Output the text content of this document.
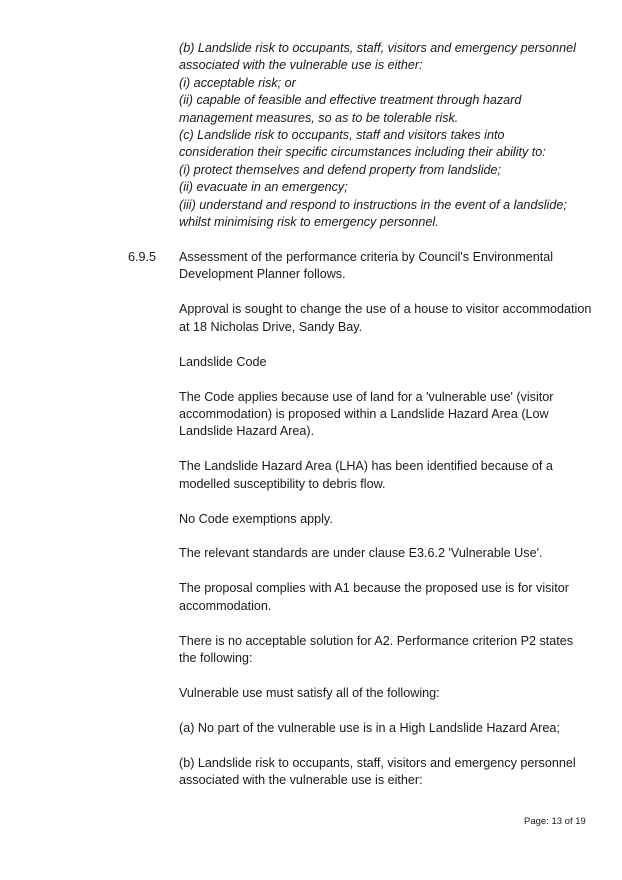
(b) Landslide risk to occupants, staff, visitors and emergency personnel

associated with the vulnerable use is either:

(i) acceptable risk; or

(ii) capable of feasible and effective treatment through hazard

management measures, so as to be tolerable risk.

(c) Landslide risk to occupants, staff and visitors takes into

consideration their specific circumstances including their ability to:

(i) protect themselves and defend property from landslide;

(ii) evacuate in an emergency;

(iii) understand and respond to instructions in the event of a landslide;

whilst minimising risk to emergency personnel.

6.9.5 Assessment of the performance criteria by Council's Environmental
Development Planner follows.

Approval is sought to change the use of a house to visitor accommodation
at 18 Nicholas Drive, Sandy Bay.

Landslide Code

The Code applies because use of land for a 'vulnerable use' (visitor
accommodation) is proposed within a Landslide Hazard Area (Low
Landslide Hazard Area).

The Landslide Hazard Area (LHA) has been identified because of a
modelled susceptibility to debris flow.

No Code exemptions apply.

The relevant standards are under clause E3.6.2 'Vulnerable Use'.

The proposal complies with A1 because the proposed use is for visitor
accommodation.

There is no acceptable solution for A2. Performance criterion P2 states
the following:

Vulnerable use must satisfy all of the following:

(a) No part of the vulnerable use is in a High Landslide Hazard Area;

(b) Landslide risk to occupants, staff, visitors and emergency personnel
associated with the vulnerable use is either:

Page: 13 of 19
